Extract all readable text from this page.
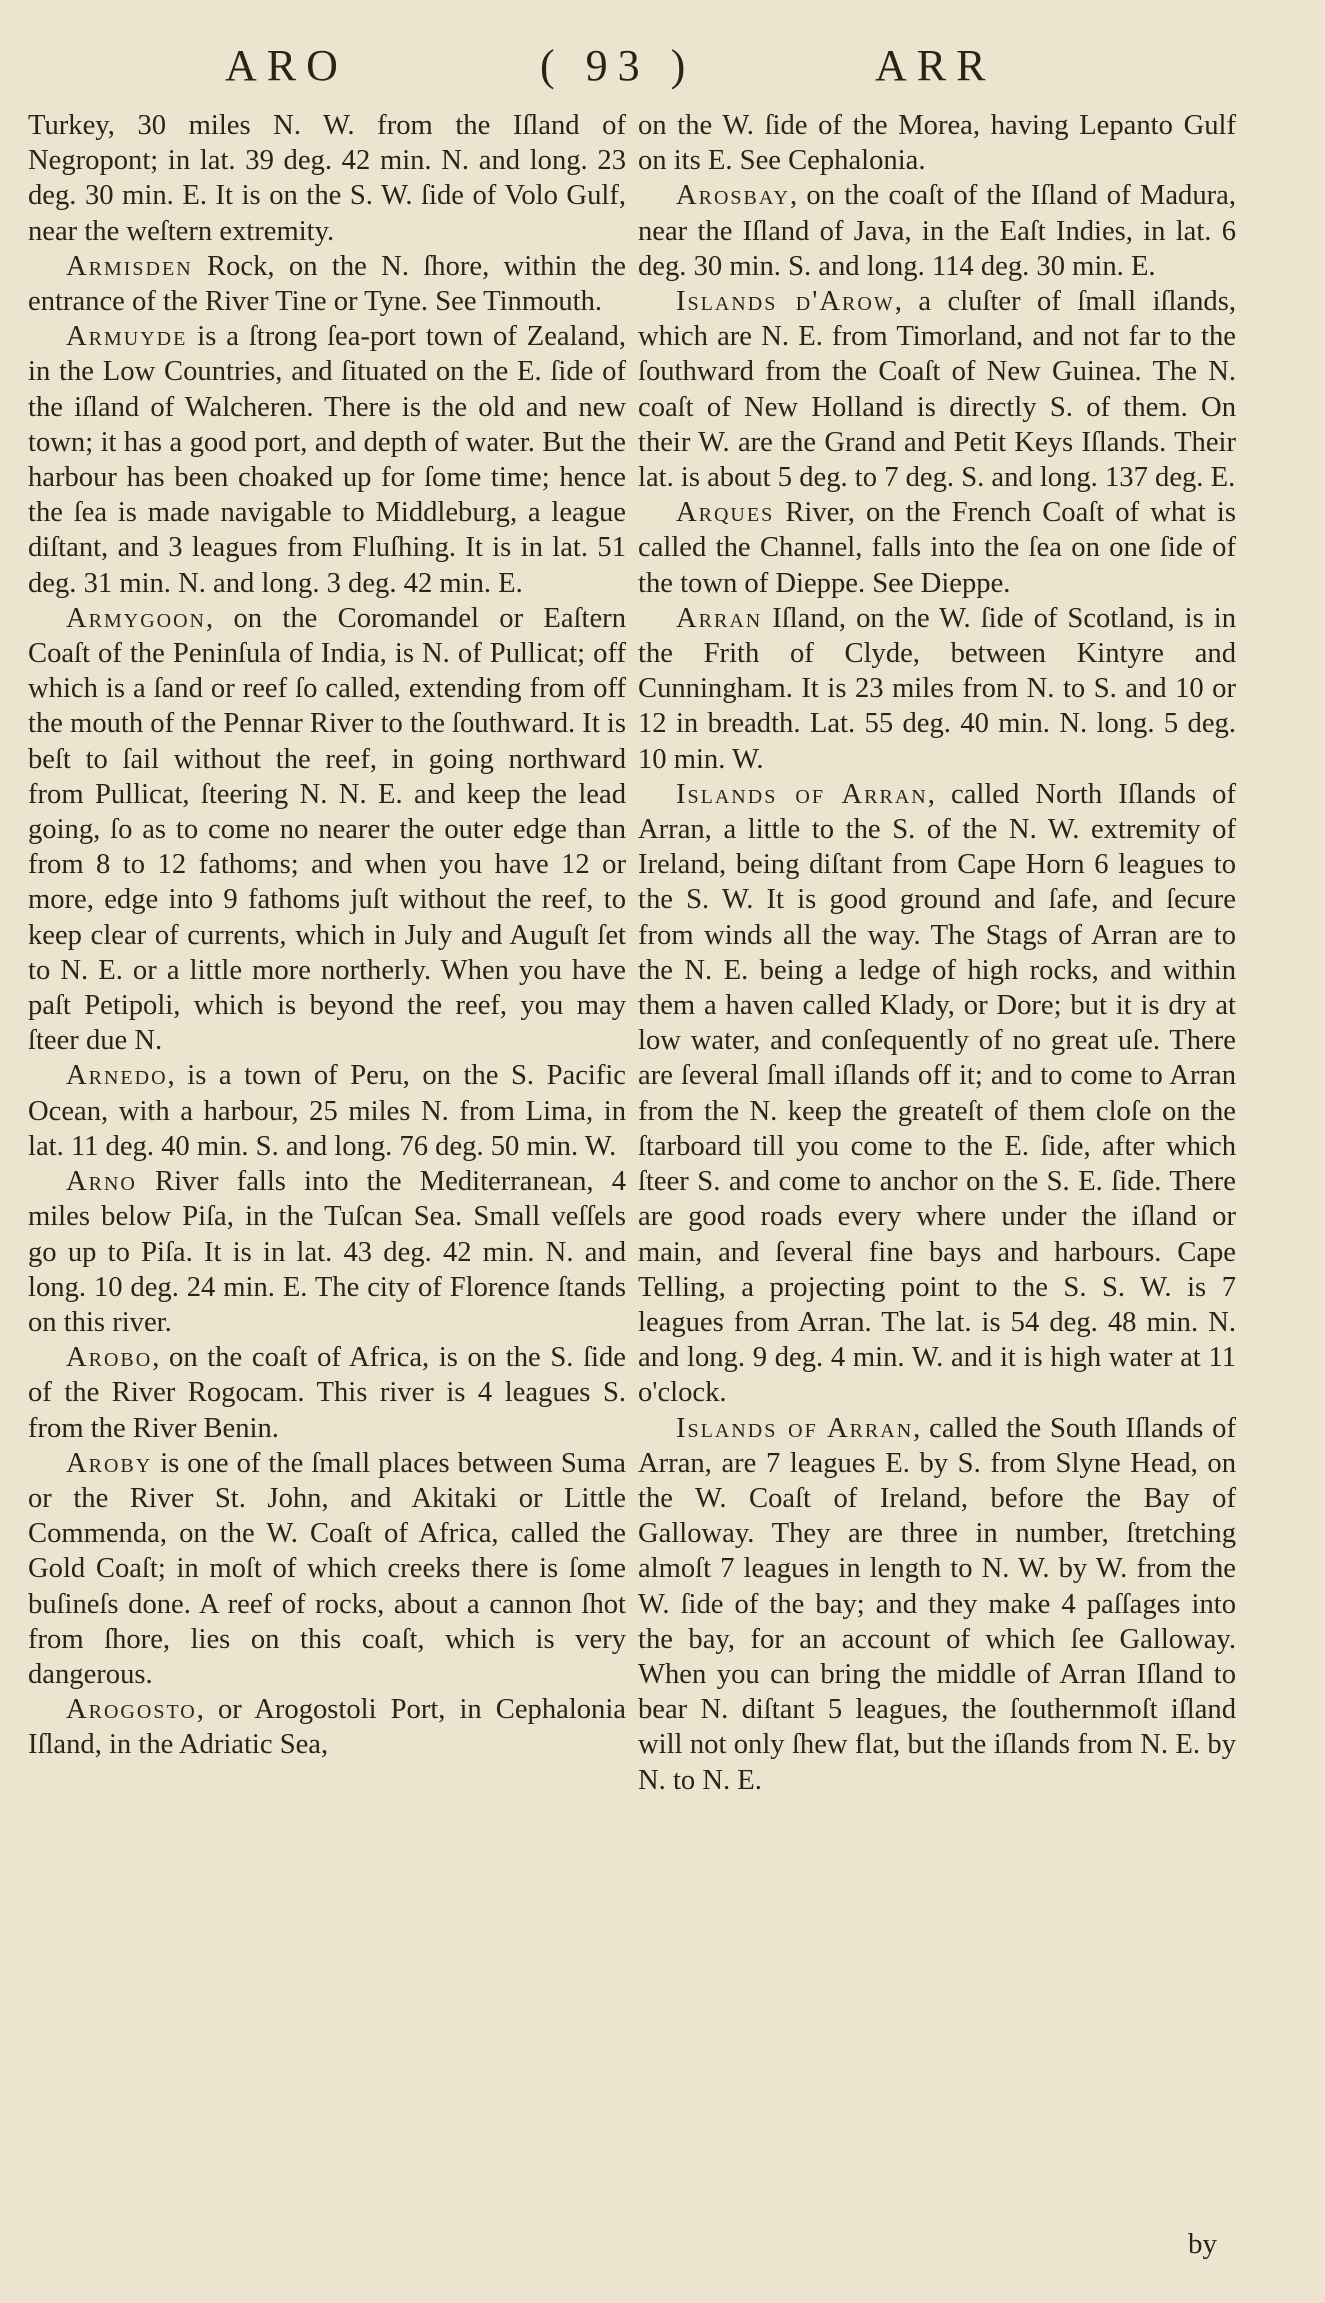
ARO	( 93 )	ARR

Turkey, 30 miles N. W. from the Iſland of Negropont; in lat. 39 deg. 42 min. N. and long. 23 deg. 30 min. E. It is on the S. W. ſide of Volo Gulf, near the weſtern extremity.

Armisden Rock, on the N. ſhore, within the entrance of the River Tine or Tyne. See Tinmouth.

Armuyde is a ſtrong ſea-port town of Zealand, in the Low Countries, and ſituated on the E. ſide of the iſland of Walcheren. There is the old and new town; it has a good port, and depth of water. But the harbour has been choaked up for ſome time; hence the ſea is made navigable to Middleburg, a league diſtant, and 3 leagues from Fluſhing. It is in lat. 51 deg. 31 min. N. and long. 3 deg. 42 min. E.

Armygoon, on the Coromandel or Eaſtern Coaſt of the Peninſula of India, is N. of Pullicat; off which is a ſand or reef ſo called, extending from off the mouth of the Pennar River to the ſouthward. It is beſt to ſail without the reef, in going northward from Pullicat, ſteering N. N. E. and keep the lead going, ſo as to come no nearer the outer edge than from 8 to 12 fathoms; and when you have 12 or more, edge into 9 fathoms juſt without the reef, to keep clear of currents, which in July and Auguſt ſet to N. E. or a little more northerly. When you have paſt Petipoli, which is beyond the reef, you may ſteer due N.

Arnedo, is a town of Peru, on the S. Pacific Ocean, with a harbour, 25 miles N. from Lima, in lat. 11 deg. 40 min. S. and long. 76 deg. 50 min. W.

Arno River falls into the Mediterranean, 4 miles below Piſa, in the Tuſcan Sea. Small veſſels go up to Piſa. It is in lat. 43 deg. 42 min. N. and long. 10 deg. 24 min. E. The city of Florence ſtands on this river.

Arobo, on the coaſt of Africa, is on the S. ſide of the River Rogocam. This river is 4 leagues S. from the River Benin.

Aroby is one of the ſmall places between Suma or the River St. John, and Akitaki or Little Commenda, on the W. Coaſt of Africa, called the Gold Coaſt; in moſt of which creeks there is ſome buſineſs done. A reef of rocks, about a cannon ſhot from ſhore, lies on this coaſt, which is very dangerous.

Arogosto, or Arogostoli Port, in Cephalonia Iſland, in the Adriatic Sea,

on the W. ſide of the Morea, having Lepanto Gulf on its E. See Cephalonia.

Arosbay, on the coaſt of the Iſland of Madura, near the Iſland of Java, in the Eaſt Indies, in lat. 6 deg. 30 min. S. and long. 114 deg. 30 min. E.

Iſlands d'Arow, a cluſter of ſmall iſlands, which are N. E. from Timorland, and not far to the ſouthward from the Coaſt of New Guinea. The N. coaſt of New Holland is directly S. of them. On their W. are the Grand and Petit Keys Iſlands. Their lat. is about 5 deg. to 7 deg. S. and long. 137 deg. E.

Arques River, on the French Coaſt of what is called the Channel, falls into the ſea on one ſide of the town of Dieppe. See Dieppe.

Arran Iſland, on the W. ſide of Scotland, is in the Frith of Clyde, between Kintyre and Cunningham. It is 23 miles from N. to S. and 10 or 12 in breadth. Lat. 55 deg. 40 min. N. long. 5 deg. 10 min. W.

Iſlands of Arran, called North Iſlands of Arran, a little to the S. of the N. W. extremity of Ireland, being diſtant from Cape Horn 6 leagues to the S. W. It is good ground and ſafe, and ſecure from winds all the way. The Stags of Arran are to the N. E. being a ledge of high rocks, and within them a haven called Klady, or Dore; but it is dry at low water, and conſequently of no great uſe. There are ſeveral ſmall iſlands off it; and to come to Arran from the N. keep the greateſt of them cloſe on the ſtarboard till you come to the E. ſide, after which ſteer S. and come to anchor on the S. E. ſide. There are good roads every where under the iſland or main, and ſeveral fine bays and harbours. Cape Telling, a projecting point to the S. S. W. is 7 leagues from Arran. The lat. is 54 deg. 48 min. N. and long. 9 deg. 4 min. W. and it is high water at 11 o'clock.

Iſlands of Arran, called the South Iſlands of Arran, are 7 leagues E. by S. from Slyne Head, on the W. Coaſt of Ireland, before the Bay of Galloway. They are three in number, ſtretching almoſt 7 leagues in length to N. W. by W. from the W. ſide of the bay; and they make 4 paſſages into the bay, for an account of which ſee Galloway. When you can bring the middle of Arran Iſland to bear N. diſtant 5 leagues, the ſouthernmoſt iſland will not only ſhew flat, but the iſlands from N. E. by N. to N. E.

by
